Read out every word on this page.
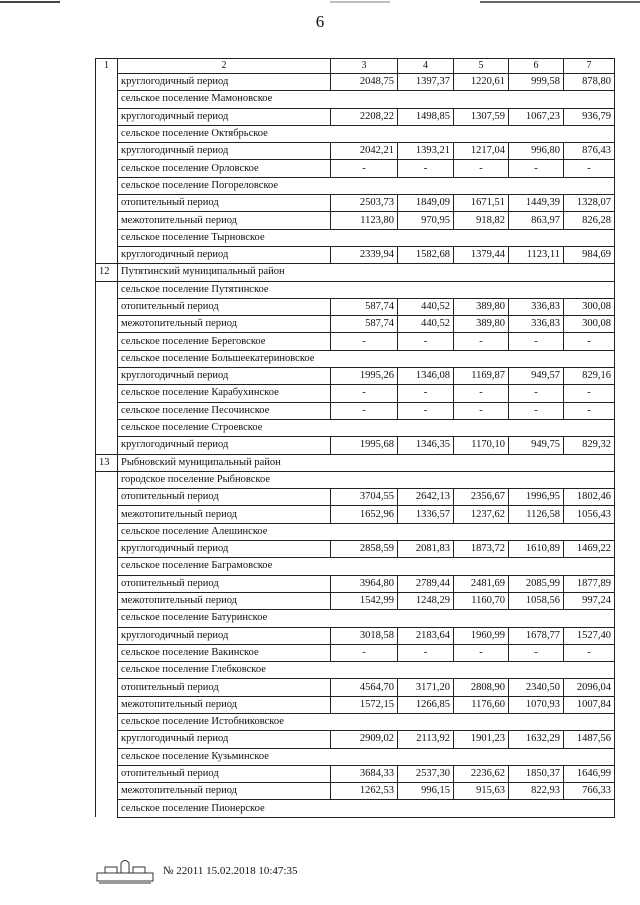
6
1	2	3	4	5	6	7
	круглогодичный период	2048,75	1397,37	1220,61	999,58	878,80
	сельское поселение Мамоновское					
	круглогодичный период	2208,22	1498,85	1307,59	1067,23	936,79
	сельское поселение Октябрьское					
	круглогодичный период	2042,21	1393,21	1217,04	996,80	876,43
	сельское поселение Орловское	-	-	-	-	-
	сельское поселение Погореловское					
	отопительный период	2503,73	1849,09	1671,51	1449,39	1328,07
	межотопительный период	1123,80	970,95	918,82	863,97	826,28
	сельское поселение Тырновское					
	круглогодичный период	2339,94	1582,68	1379,44	1123,11	984,69
12	Путятинский муниципальный район					
	сельское поселение Путятинское					
	отопительный период	587,74	440,52	389,80	336,83	300,08
	межотопительный период	587,74	440,52	389,80	336,83	300,08
	сельское поселение Береговское	-	-	-	-	-
	сельское поселение Большеекатериновское					
	круглогодичный период	1995,26	1346,08	1169,87	949,57	829,16
	сельское поселение Карабухинское	-	-	-	-	-
	сельское поселение Песочинское	-	-	-	-	-
	сельское поселение Строевское					
	круглогодичный период	1995,68	1346,35	1170,10	949,75	829,32
13	Рыбновский муниципальный район					
	городское поселение Рыбновское					
	отопительный период	3704,55	2642,13	2356,67	1996,95	1802,46
	межотопительный период	1652,96	1336,57	1237,62	1126,58	1056,43
	сельское поселение Алешинское					
	круглогодичный период	2858,59	2081,83	1873,72	1610,89	1469,22
	сельское поселение Баграмовское					
	отопительный период	3964,80	2789,44	2481,69	2085,99	1877,89
	межотопительный период	1542,99	1248,29	1160,70	1058,56	997,24
	сельское поселение Батуринское					
	круглогодичный период	3018,58	2183,64	1960,99	1678,77	1527,40
	сельское поселение Вакинское	-	-	-	-	-
	сельское поселение Глебковское					
	отопительный период	4564,70	3171,20	2808,90	2340,50	2096,04
	межотопительный период	1572,15	1266,85	1176,60	1070,93	1007,84
	сельское поселение Истобниковское					
	круглогодичный период	2909,02	2113,92	1901,23	1632,29	1487,56
	сельское поселение Кузьминское					
	отопительный период	3684,33	2537,30	2236,62	1850,37	1646,99
	межотопительный период	1262,53	996,15	915,63	822,93	766,33
	сельское поселение Пионерское					
№ 22011 15.02.2018 10:47:35
